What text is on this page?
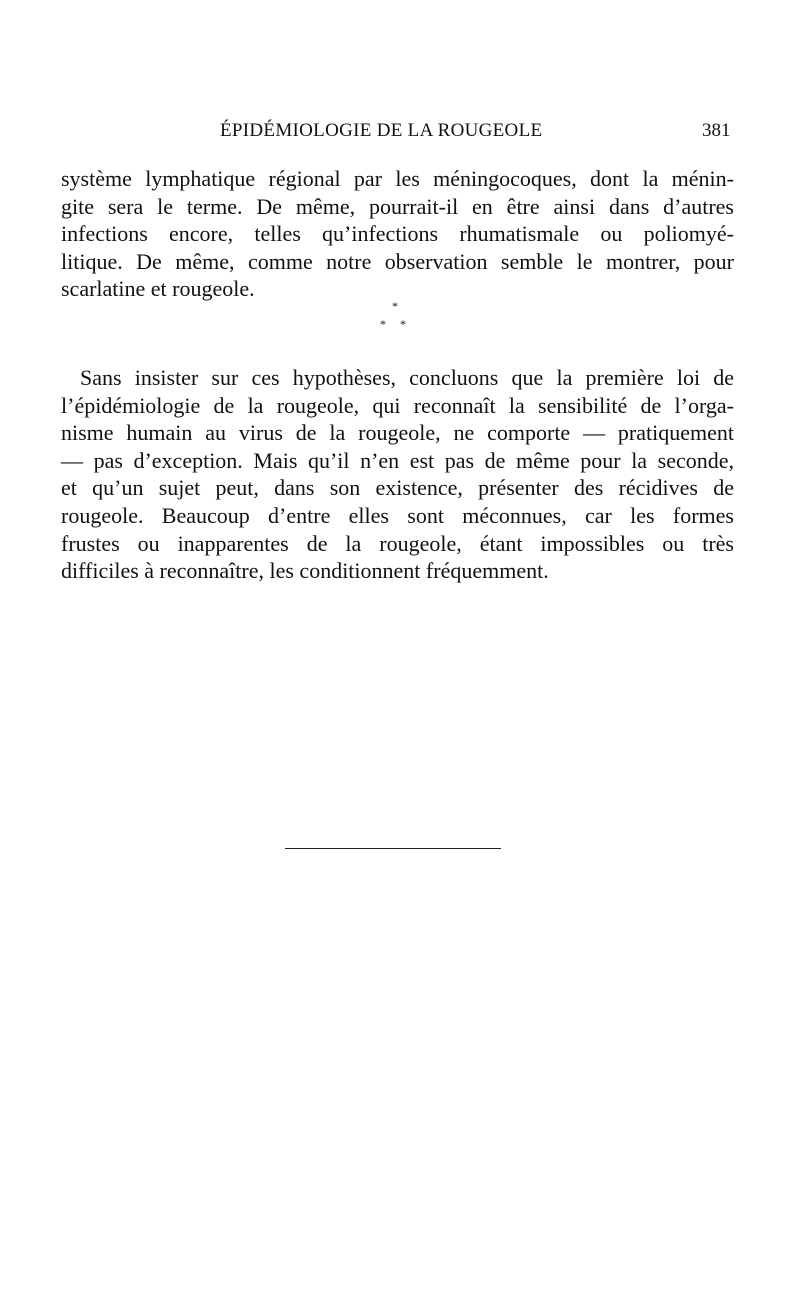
ÉPIDÉMIOLOGIE DE LA ROUGEOLE	381
système lymphatique régional par les méningocoques, dont la ménin-
gite sera le terme. De même, pourrait-il en être ainsi dans d’autres
infections encore, telles qu’infections rhumatismale ou poliomyé-
litique. De même, comme notre observation semble le montrer, pour
scarlatine et rougeole.
*
* *
Sans insister sur ces hypothèses, concluons que la première loi de
l’épidémiologie de la rougeole, qui reconnaît la sensibilité de l’orga-
nisme humain au virus de la rougeole, ne comporte — pratiquement
— pas d’exception. Mais qu’il n’en est pas de même pour la seconde,
et qu’un sujet peut, dans son existence, présenter des récidives de
rougeole. Beaucoup d’entre elles sont méconnues, car les formes
frustes ou inapparentes de la rougeole, étant impossibles ou très
difficiles à reconnaître, les conditionnent fréquemment.
